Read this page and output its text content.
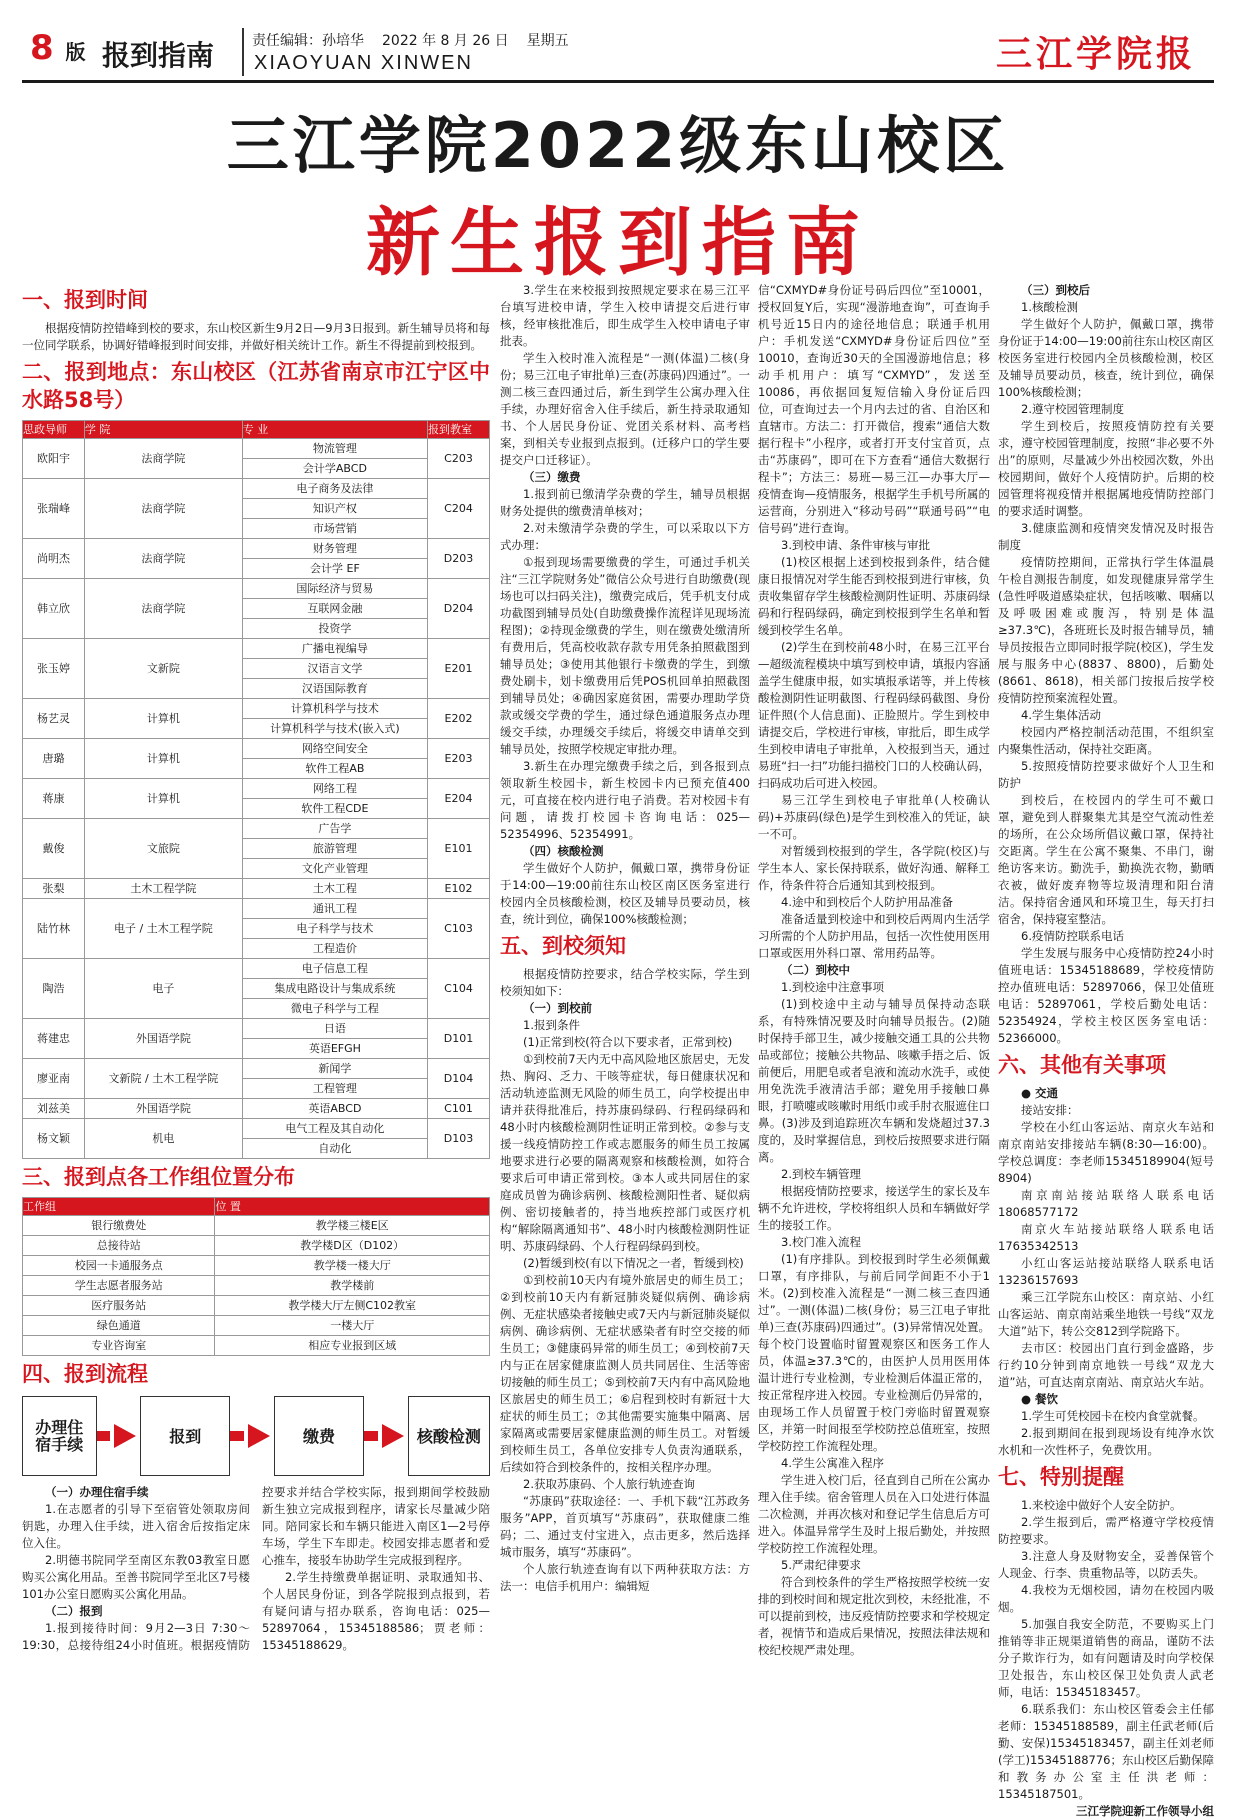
8 版 报到指南	责任编辑：孙培华 2022 年 8 月 26 日 星期五
XIAOYUAN XINWEN	三江学院报
三江学院2022级东山校区
新生报到指南
一、报到时间

根据疫情防控错峰到校的要求，东山校区新生9月2日—9月3日报到。新生辅导员将和每一位同学联系，协调好错峰报到时间安排，并做好相关统计工作。新生不得提前到校报到。

二、报到地点：东山校区（江苏省南京市江宁区中水路58号）
思政导师	学 院	专 业	报到教室
欧阳宇	法商学院	物流管理	C203
		会计学ABCD	
张瑞峰	法商学院	电子商务及法律	C204
		知识产权	
		市场营销	
尚明杰	法商学院	财务管理	D203
		会计学 EF	
韩立欣	法商学院	国际经济与贸易	D204
		互联网金融	
		投资学	
张玉婷	文新院	广播电视编导	E201
		汉语言文学	
		汉语国际教育	
杨艺灵	计算机	计算机科学与技术	E202
		计算机科学与技术(嵌入式)	
唐璐	计算机	网络空间安全	E203
		软件工程AB	
蒋康	计算机	网络工程	E204
		软件工程CDE	
戴俊	文旅院	广告学	E101
		旅游管理	
		文化产业管理	
张梨	土木工程学院	土木工程	E102
陆竹林	电子 / 土木工程学院	通讯工程	C103
		电子科学与技术	
		工程造价	
陶浩	电子	电子信息工程	C104
		集成电路设计与集成系统	
		微电子科学与工程	
蒋建忠	外国语学院	日语	D101
		英语EFGH	
廖亚南	文新院 / 土木工程学院	新闻学	D104
		工程管理	
刘兹美	外国语学院	英语ABCD	C101
杨文颖	机电	电气工程及其自动化	D103
		自动化	
三、报到点各工作组位置分布
工作组	位 置
银行缴费处	教学楼三楼E区
总接待站	教学楼D区（D102）
校园一卡通服务点	教学楼一楼大厅
学生志愿者服务站	教学楼前
医疗服务站	教学楼大厅左侧C102教室
绿色通道	一楼大厅
专业咨询室	相应专业报到区域
四、报到流程
办理住宿手续	报到	缴费	核酸检测

（一）办理住宿手续

1.在志愿者的引导下至宿管处领取房间钥匙，办理入住手续，进入宿舍后按指定床位入住。

2.明德书院同学至南区东教03教室日愿购买公寓化用品。至善书院同学至北区7号楼101办公室日愿购买公寓化用品。

（二）报到

1.报到接待时间：9月2—3日 7:30～19:30，总接待组24小时值班。根据疫情防控要求并结合学校实际，报到期间学校鼓励新生独立完成报到程序，请家长尽量减少陪同。陪同家长和车辆只能进入南区1—2号停车场，学生下车即走。校园安排志愿者和爱心推车，接驳车协助学生完成报到程序。

2.学生持缴费单据证明、录取通知书、个人居民身份证，到各学院报到点报到，若有疑问请与招办联系，咨询电话：025—52897064，15345188586；贾老师：15345188629。

3.学生在来校报到按照规定要求在易三江平台填写进校申请，学生入校申请提交后进行审核，经审核批准后，即生成学生入校申请电子审批表。

学生入校时准入流程是“一测(体温)二核(身份；易三江电子审批单)三查(苏康码)四通过”。一测二核三查四通过后，新生到学生公寓办理入住手续，办理好宿舍入住手续后，新生持录取通知书、个人居民身份证、党团关系材料、高考档案，到相关专业报到点报到。(迁移户口的学生要提交户口迁移证）。

（三）缴费

1.报到前已缴清学杂费的学生，辅导员根据财务处提供的缴费清单核对；

2.对未缴清学杂费的学生，可以采取以下方式办理：

①报到现场需要缴费的学生，可通过手机关注“三江学院财务处”微信公众号进行自助缴费(现场也可以扫码关注)，缴费完成后，凭手机支付成功截图到辅导员处(自助缴费操作流程详见现场流程图)；②持现金缴费的学生，则在缴费处缴清所有费用后，凭高校收款存款专用凭条拍照截图到辅导员处；③使用其他银行卡缴费的学生，到缴费处刷卡，划卡缴费用后凭POS机回单拍照截图到辅导员处；④确因家庭贫困，需要办理助学贷款或缓交学费的学生，通过绿色通道服务点办理缓交手续，办理缓交手续后，将缓交申请单交到辅导员处，按照学校规定审批办理。

3.新生在办理完缴费手续之后，到各报到点领取新生校园卡，新生校园卡内已预充值400元，可直接在校内进行电子消费。若对校园卡有问题，请拨打校园卡咨询电话：025—52354996、52354991。

（四）核酸检测

学生做好个人防护，佩戴口罩，携带身份证于14:00—19:00前往东山校区南区医务室进行校园内全员核酸检测，校区及辅导员要动员，核查，统计到位，确保100%核酸检测；

五、到校须知

根据疫情防控要求，结合学校实际，学生到校须知如下：

（一）到校前

1.报到条件

(1)正常到校(符合以下要求者，正常到校)

①到校前7天内无中高风险地区旅居史，无发热、胸闷、乏力、干咳等症状，每日健康状况和活动轨迹监测无风险的师生员工，向学校提出申请并获得批准后，持苏康码绿码、行程码绿码和48小时内核酸检测阴性证明正常到校。②参与支援一线疫情防控工作或志愿服务的师生员工按属地要求进行必要的隔离观察和核酸检测，如符合要求后可申请正常到校。③本人或共同居住的家庭成员曾为确诊病例、核酸检测阳性者、疑似病例、密切接触者的，持当地疾控部门或医疗机构“解除隔离通知书”、48小时内核酸检测阴性证明、苏康码绿码、个人行程码绿码到校。

(2)暂缓到校(有以下情况之一者，暂缓到校)

①到校前10天内有境外旅居史的师生员工；②到校前10天内有新冠肺炎疑似病例、确诊病例、无症状感染者接触史或7天内与新冠肺炎疑似病例、确诊病例、无症状感染者有时空交接的师生员工；③健康码异常的师生员工；④到校前7天内与正在居家健康监测人员共同居住、生活等密切接触的师生员工；⑤到校前7天内有中高风险地区旅居史的师生员工；⑥启程到校时有新冠十大症状的师生员工；⑦其他需要实施集中隔离、居家隔离或需要居家健康监测的师生员工。对暂缓到校师生员工，各单位安排专人负责沟通联系，后续如符合到校条件的，按相关程序办理。

2.获取苏康码、个人旅行轨迹查询

“苏康码”获取途径：一、手机下载“江苏政务服务”APP，首页填写“苏康码”，获取健康二维码；二、通过支付宝进入，点击更多，然后选择城市服务，填写“苏康码”。

个人旅行轨迹查询有以下两种获取方法：方法一：电信手机用户：编辑短

信“CXMYD#身份证号码后四位”至10001，授权回复Y后，实现“漫游地查询”，可查询手机号近15日内的途径地信息；联通手机用户：手机发送“CXMYD#身份证后四位”至10010，查询近30天的全国漫游地信息；移动手机用户：填写“CXMYD”，发送至10086，再依据回复短信输入身份证后四位，可查询过去一个月内去过的省、自治区和直辖市。方法二：打开微信，搜索“通信大数据行程卡”小程序，或者打开支付宝首页，点击“苏康码”，即可在下方查看“通信大数据行程卡”；方法三：易班—易三江—办事大厅—疫情查询—疫情服务，根据学生手机号所属的运营商，分别进入“移动号码”“联通号码”“电信号码”进行查询。

3.到校申请、条件审核与审批

(1)校区根据上述到校报到条件，结合健康日报情况对学生能否到校报到进行审核，负责收集留存学生核酸检测阴性证明、苏康码绿码和行程码绿码，确定到校报到学生名单和暂缓到校学生名单。

(2)学生在到校前48小时，在易三江平台—超级流程模块中填写到校申请，填报内容涵盖学生健康申报，如实填报承诺等，并上传核酸检测阴性证明截图、行程码绿码截图、身份证件照(个人信息面)、正脸照片。学生到校申请提交后，学校进行审核，审批后，即生成学生到校申请电子审批单，入校报到当天，通过易班“扫一扫”功能扫描校门口的人校确认码，扫码成功后可进入校园。

易三江学生到校电子审批单(人校确认码)+苏康码(绿色)是学生到校准入的凭证，缺一不可。

对暂缓到校报到的学生，各学院(校区)与学生本人、家长保持联系，做好沟通、解释工作，待条件符合后通知其到校报到。

4.途中和到校后个人防护用品准备

准备适量到校途中和到校后两周内生活学习所需的个人防护用品，包括一次性使用医用口罩或医用外科口罩、常用药品等。

（二）到校中

1.到校途中注意事项

(1)到校途中主动与辅导员保持动态联系，有特殊情况要及时向辅导员报告。(2)随时保持手部卫生，减少接触交通工具的公共物品或部位；接触公共物品、咳嗽手捂之后、饭前便后，用肥皂或者皂液和流动水洗手，或使用免洗洗手液清洁手部；避免用手接触口鼻眼，打喷嚏或咳嗽时用纸巾或手肘衣服遮住口鼻。(3)涉及到追踪班次车辆和发烧超过37.3度的，及时掌握信息，到校后按照要求进行隔离。

2.到校车辆管理

根据疫情防控要求，接送学生的家长及车辆不允许进校，学校将组织人员和车辆做好学生的接驳工作。

3.校门准入流程

(1)有序排队。到校报到时学生必须佩戴口罩，有序排队，与前后同学间距不小于1米。(2)到校准入流程是“一测二核三查四通过”。一测(体温)二核(身份；易三江电子审批单)三查(苏康码)四通过”。(3)异常情况处置。每个校门设置临时留置观察区和医务工作人员，体温≥37.3℃的，由医护人员用医用体温计进行专业检测，专业检测后体温正常的，按正常程序进入校园。专业检测后仍异常的，由现场工作人员留置于校门旁临时留置观察区，并第一时间报至学校防控总值班室，按照学校防控工作流程处理。

4.学生公寓准入程序

学生进入校门后，径直到自己所在公寓办理入住手续。宿舍管理人员在入口处进行体温二次检测，并再次核对和登记学生信息后方可进入。体温异常学生及时上报后勤处，并按照学校防控工作流程处理。

5.严肃纪律要求

符合到校条件的学生严格按照学校统一安排的到校时间和规定批次到校，未经批准，不可以提前到校，违反疫情防控要求和学校规定者，视情节和造成后果情况，按照法律法规和校纪校规严肃处理。

（三）到校后

1.核酸检测

学生做好个人防护，佩戴口罩，携带身份证于14:00—19:00前往东山校区南区校医务室进行校园内全员核酸检测，校区及辅导员要动员，核查，统计到位，确保100%核酸检测；

2.遵守校园管理制度

学生到校后，按照疫情防控有关要求，遵守校园管理制度，按照“非必要不外出”的原则，尽量减少外出校园次数，外出校园期间，做好个人疫情防护。后期的校园管理将视疫情并根据属地疫情防控部门的要求适时调整。

3.健康监测和疫情突发情况及时报告制度

疫情防控期间，正常执行学生体温晨午检自测报告制度，如发现健康异常学生(急性呼吸道感染症状，包括咳嗽、咽痛以及呼吸困难或腹泻，特别是体温≥37.3℃)，各班班长及时报告辅导员，辅导员按报告立即同时报学院(校区)，学生发展与服务中心(8837、8800)，后勤处(8661、8618)，相关部门按报后按学校疫情防控预案流程处置。

4.学生集体活动

校园内严格控制活动范围，不组织室内聚集性活动，保持社交距离。

5.按照疫情防控要求做好个人卫生和防护

到校后，在校园内的学生可不戴口罩，避免到人群聚集尤其是空气流动性差的场所，在公众场所倡议戴口罩，保持社交距离。学生在公寓不聚集、不串门，谢绝访客来访。勤洗手，勤换洗衣物，勤晒衣被，做好废弃物等垃圾清理和阳台清洁。保持宿舍通风和环境卫生，每天打扫宿舍，保持寝室整洁。

6.疫情防控联系电话

学生发展与服务中心疫情防控24小时值班电话：15345188689，学校疫情防控办值班电话：52897066，保卫处值班电话：52897061，学校后勤处电话：52354924，学校主校区医务室电话：52366000。

六、其他有关事项

● 交通

接站安排：

学校在小红山客运站、南京火车站和南京南站安排接站车辆(8:30—16:00)。学校总调度：李老师15345189904(短号8904)

南京南站接站联络人联系电话18068577172

南京火车站接站联络人联系电话17635342513

小红山客运站接站联络人联系电话 13236157693

乘三江学院东山校区：南京站、小红山客运站、南京南站乘坐地铁一号线“双龙大道”站下，转公交812到学院路下。

去市区：校园出门直行到金盛路，步行约10分钟到南京地铁一号线“双龙大道”站，可直达南京南站、南京站火车站。

● 餐饮

1.学生可凭校园卡在校内食堂就餐。

2.报到期间在报到现场设有纯净水饮水机和一次性杯子，免费饮用。

七、特别提醒

1.来校途中做好个人安全防护。

2.学生报到后，需严格遵守学校疫情防控要求。

3.注意人身及财物安全，妥善保管个人现金、行李、贵重物品等，以防丢失。

4.我校为无烟校园，请勿在校园内吸烟。

5.加强自我安全防范，不要购买上门推销等非正规渠道销售的商品，谨防不法分子欺诈行为，如有问题请及时向学校保卫处报告，东山校区保卫处负责人武老师，电话：15345183457。

6.联系我们：东山校区管委会主任郁老师：15345188589，副主任武老师(后勤、安保)15345183457，副主任刘老师(学工)15345188776；东山校区后勤保障和教务办公室主任洪老师：15345187501。

三江学院迎新工作领导小组
